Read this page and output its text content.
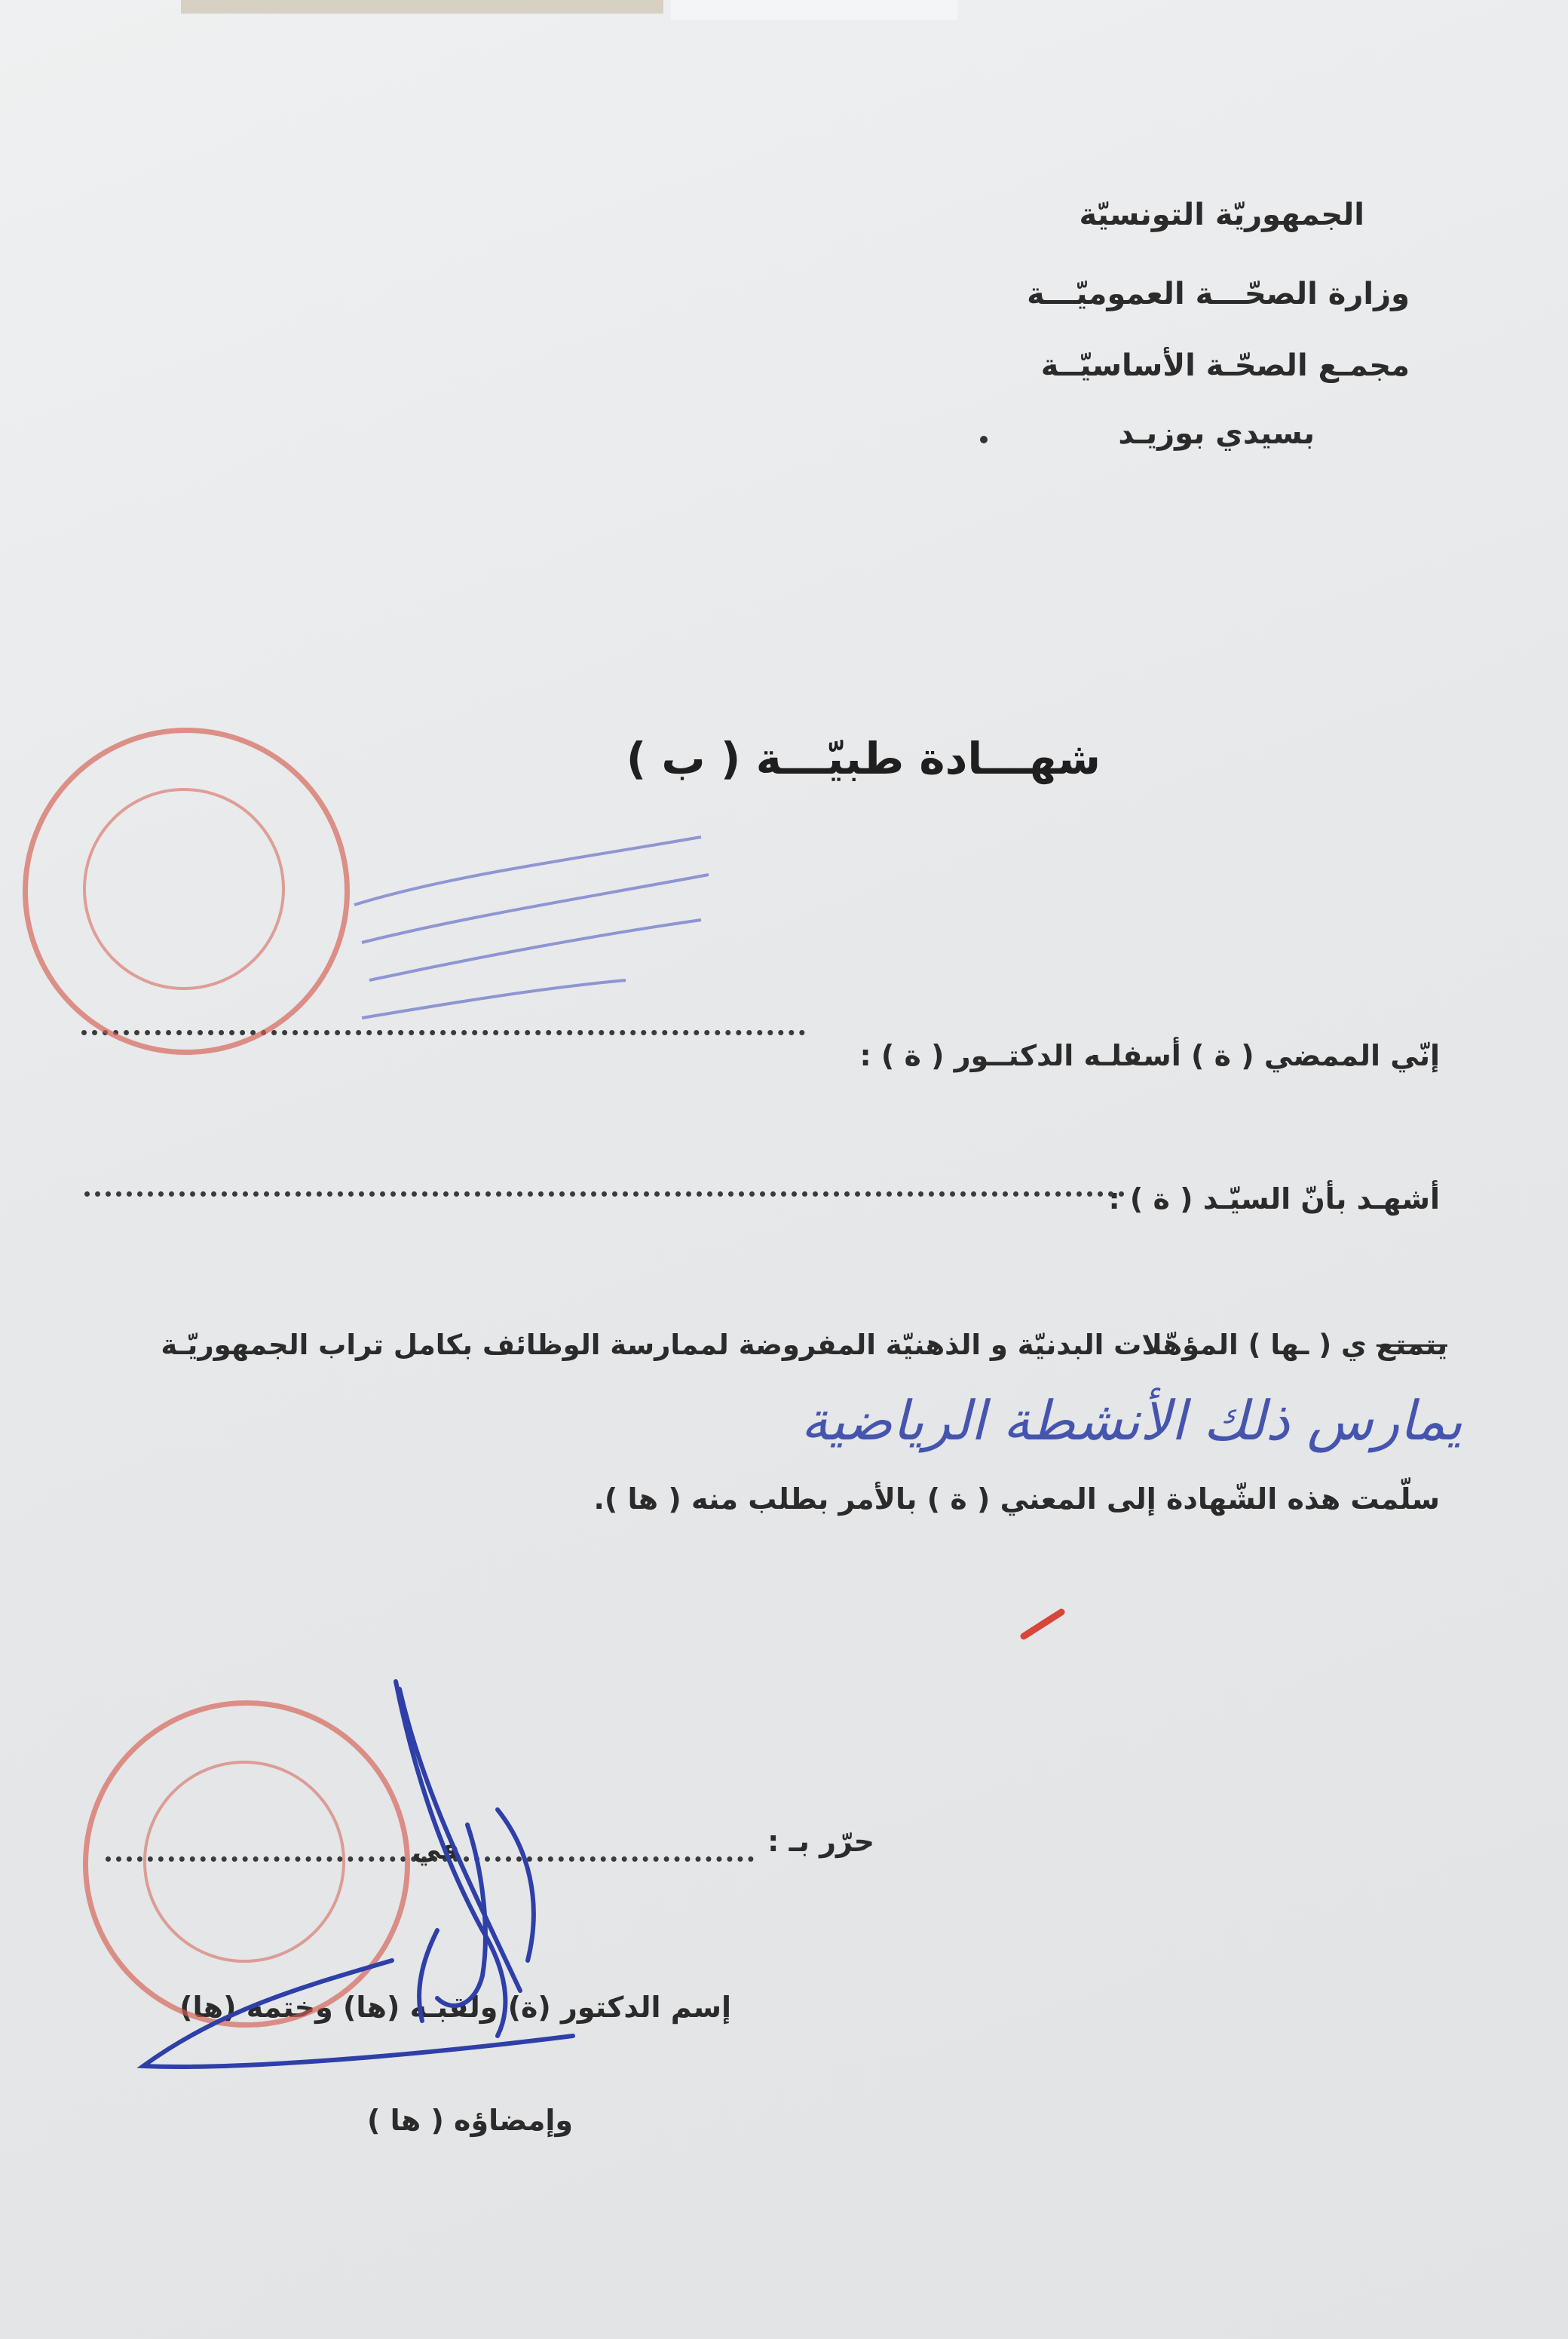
الجمهوريّة التونسيّة
وزارة الصحّـــة العموميّـــة
مجمـع الصحّـة الأساسيّــة
بسيدي بوزيـد
شهـــادة طبيّـــة ( ب )
إنّي الممضي ( ة ) أسفلـه الدكتــور ( ة ) :
أشهـد بأنّ السيّـد ( ة ) :
يتمتع ي ( ـها ) المؤهّلات البدنيّة و الذهنيّة المفروضة لممارسة الوظائف بكامل تراب الجمهوريّـة
يمارس ذلك الأنشطة الرياضية
سلّمت هذه الشّهادة إلى المعني ( ة ) بالأمر بطلب منه ( ها ).
حرّر بـ :
في
إسم الدكتور (ة) ولقبـه (ها) وختمه (ها)
وإمضاؤه ( ها )
